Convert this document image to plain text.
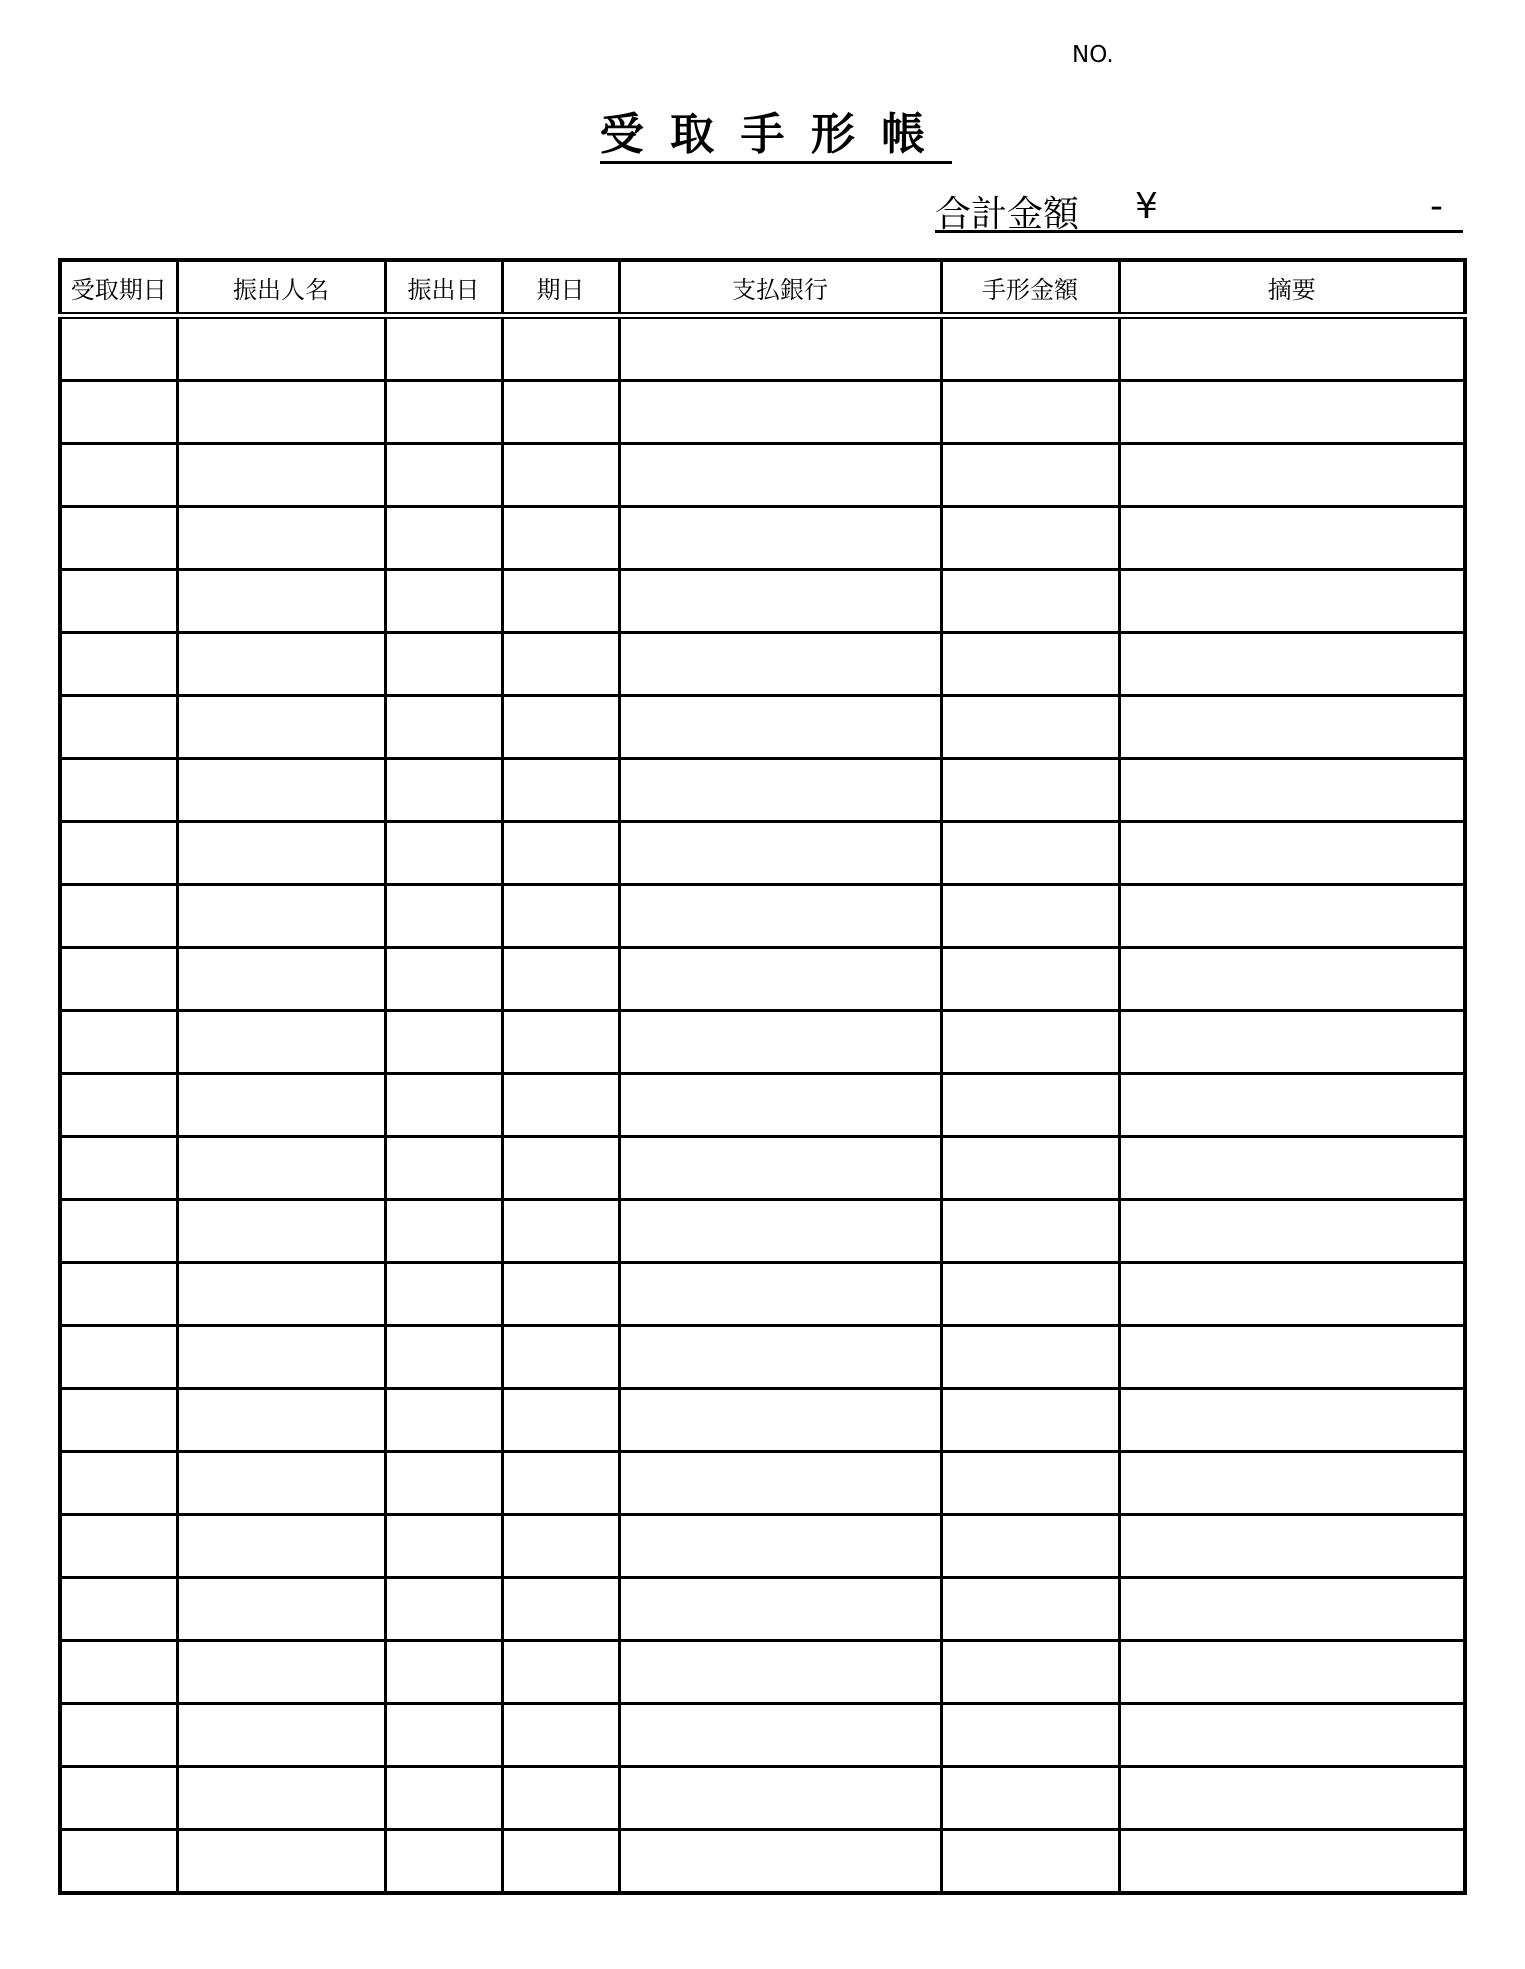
NO.
受取手形帳
合計金額 ¥	-
受取期日	振出人名	振出日	期日	支払銀行	手形金額	摘要
